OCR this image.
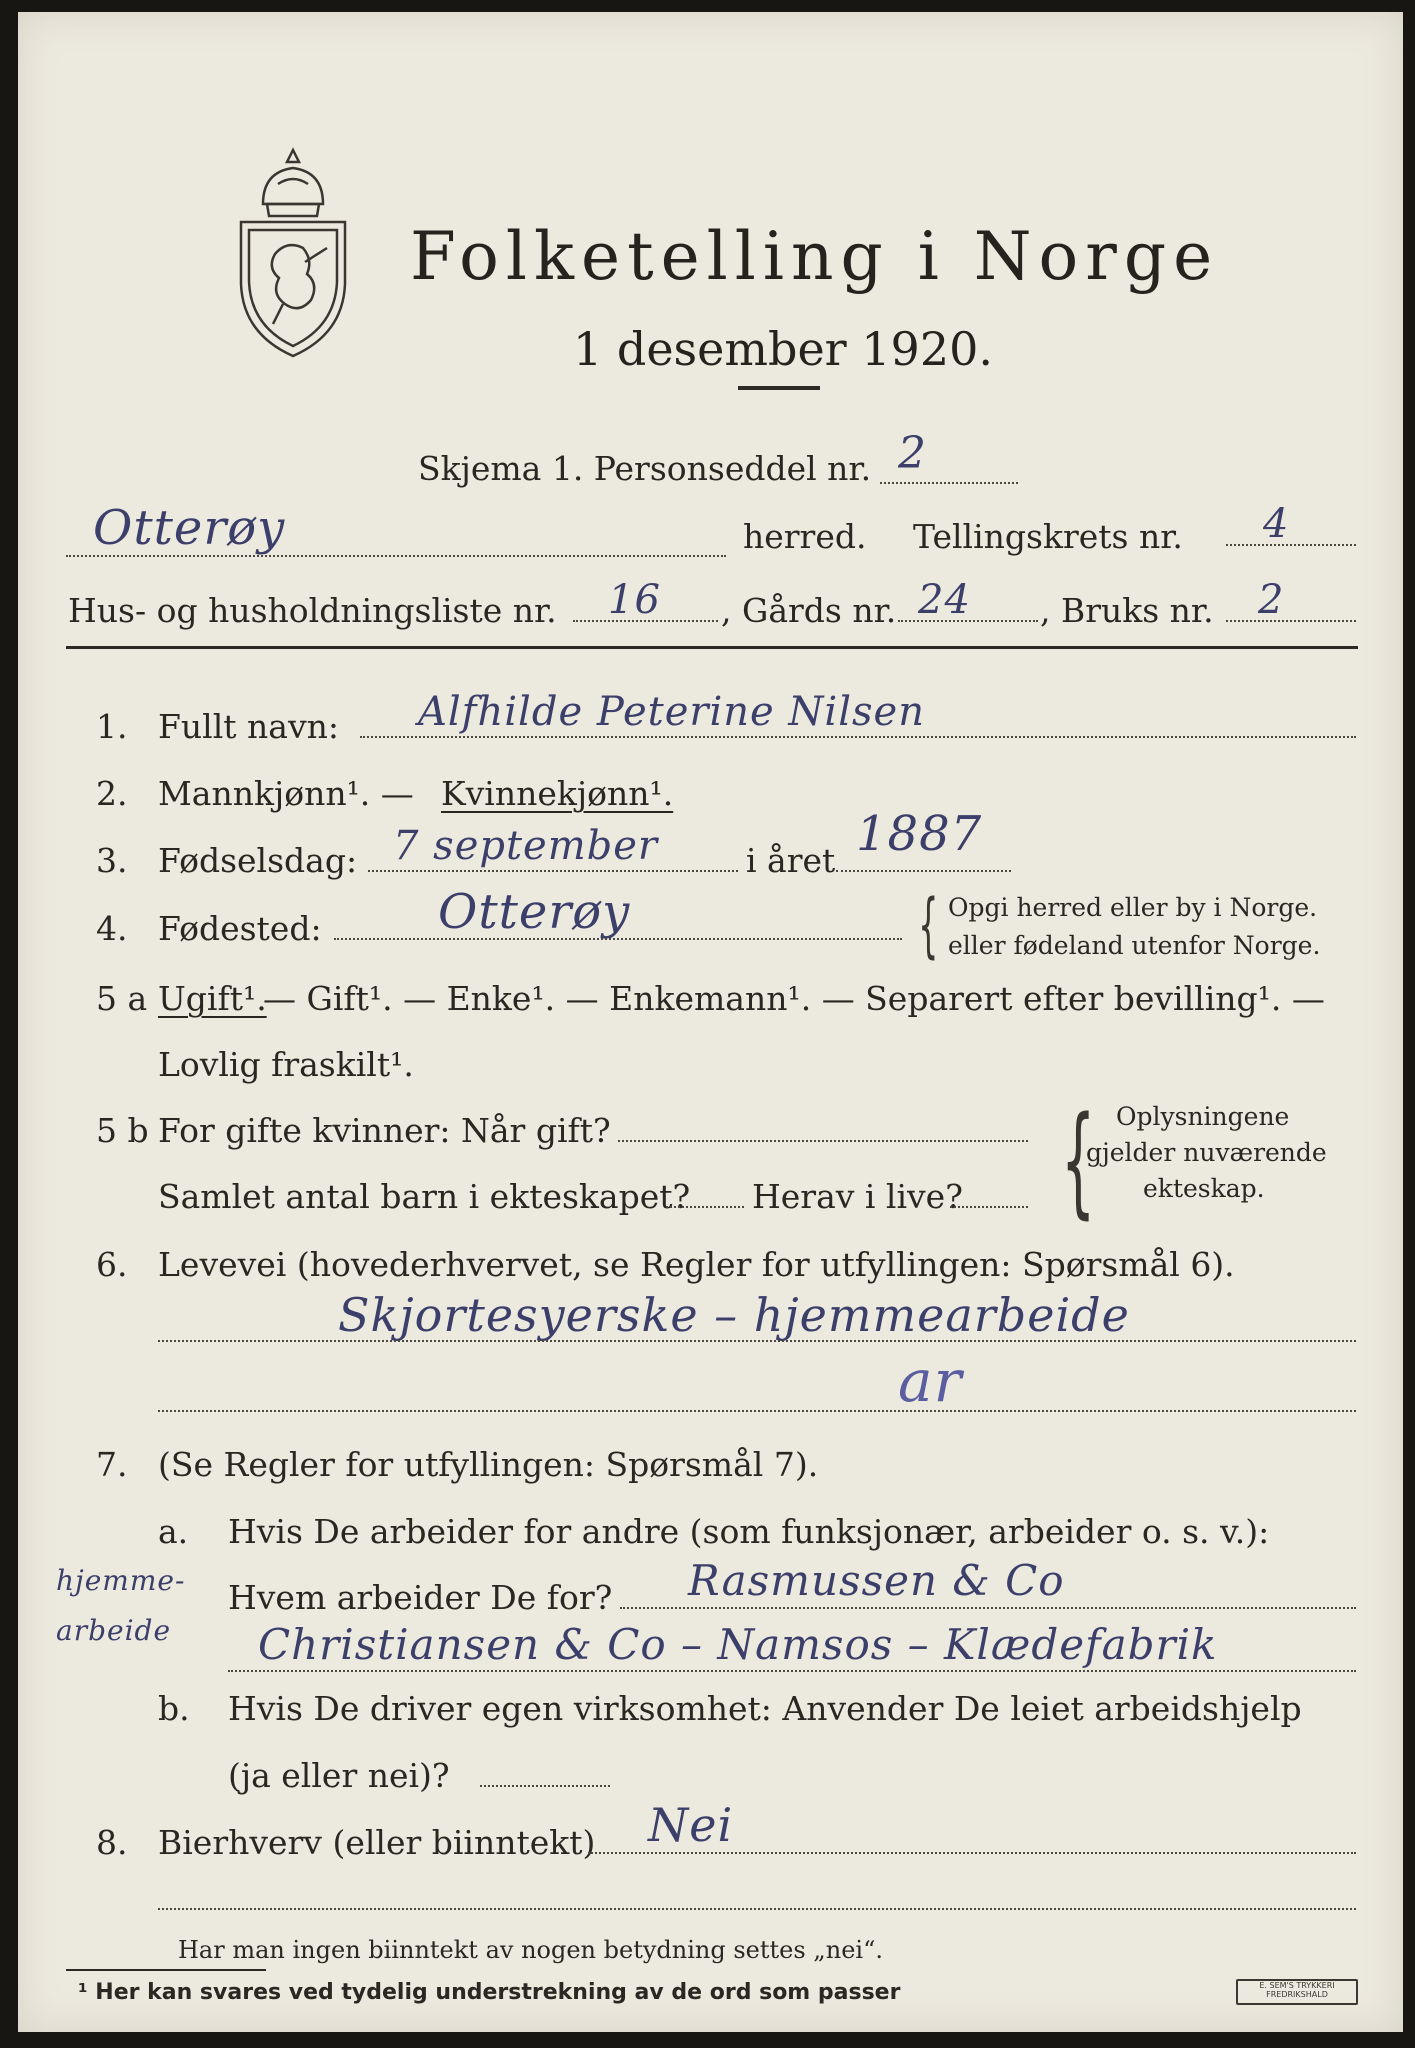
Folketelling i Norge
1 desember 1920.
Skjema 1. Personseddel nr. 2
Otterøy	herred. Tellingskrets nr. 4
Hus- og husholdningsliste nr. 16 , Gårds nr. 24 , Bruks nr. 2
1. Fullt navn: Alfhilde Peterine Nilsen
2. Mannkjønn¹. — Kvinnekjønn¹.
3. Fødselsdag: 7 september	i året 1887
4. Fødested: Otterøy	{ Opgi herred eller by i Norge.
eller fødeland utenfor Norge.
5 a Ugift¹.
— Gift¹. — Enke¹. — Enkemann¹. — Separert efter bevilling¹. —
Lovlig fraskilt¹.
5 b For gifte kvinner: Når gift?
Samlet antal barn i ekteskapet? Herav i live? { Oplysningene
gjelder nuværende
ekteskap.
6. Levevei (hovederhvervet, se Regler for utfyllingen: Spørsmål 6).
Skjortesyerske – hjemmearbeide
ar
7. (Se Regler for utfyllingen: Spørsmål 7).
a. Hvis De arbeider for andre (som funksjonær, arbeider o. s. v.):
Hvem arbeider De for? Rasmussen & Co
hjemme-
arbeide Christiansen & Co – Namsos – Klædefabrik
b. Hvis De driver egen virksomhet: Anvender De leiet arbeidshjelp
(ja eller nei)?
8. Bierhverv (eller biinntekt) Nei
Har man ingen biinntekt av nogen betydning settes „nei“.
¹ Her kan svares ved tydelig understrekning av de ord som passer	E. SEM'S TRYKKERI
FREDRIKSHALD
